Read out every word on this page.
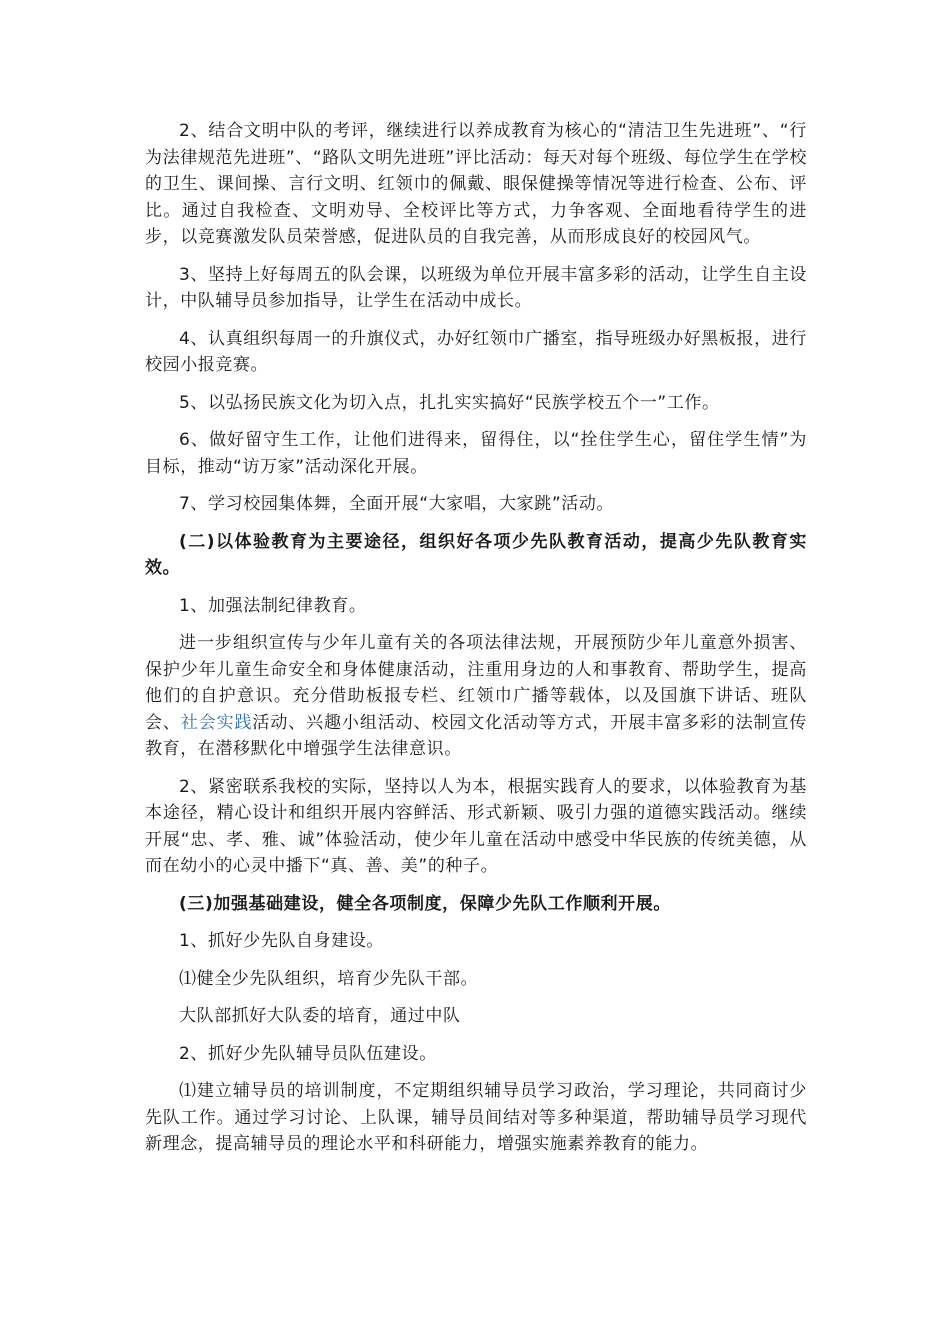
2、结合文明中队的考评，继续进行以养成教育为核心的“清洁卫生先进班”、“行为法律规范先进班”、“路队文明先进班”评比活动：每天对每个班级、每位学生在学校的卫生、课间操、言行文明、红领巾的佩戴、眼保健操等情况等进行检查、公布、评比。通过自我检查、文明劝导、全校评比等方式，力争客观、全面地看待学生的进步，以竞赛激发队员荣誉感，促进队员的自我完善，从而形成良好的校园风气。

3、坚持上好每周五的队会课，以班级为单位开展丰富多彩的活动，让学生自主设计，中队辅导员参加指导，让学生在活动中成长。

4、认真组织每周一的升旗仪式，办好红领巾广播室，指导班级办好黑板报，进行校园小报竞赛。

5、以弘扬民族文化为切入点，扎扎实实搞好“民族学校五个一”工作。

6、做好留守生工作，让他们进得来，留得住，以“拴住学生心，留住学生情”为目标，推动“访万家”活动深化开展。

7、学习校园集体舞，全面开展“大家唱，大家跳”活动。

(二)以体验教育为主要途径，组织好各项少先队教育活动，提高少先队教育实效。

1、加强法制纪律教育。

进一步组织宣传与少年儿童有关的各项法律法规，开展预防少年儿童意外损害、保护少年儿童生命安全和身体健康活动，注重用身边的人和事教育、帮助学生，提高他们的自护意识。充分借助板报专栏、红领巾广播等载体，以及国旗下讲话、班队会、社会实践活动、兴趣小组活动、校园文化活动等方式，开展丰富多彩的法制宣传教育，在潜移默化中增强学生法律意识。

2、紧密联系我校的实际，坚持以人为本，根据实践育人的要求，以体验教育为基本途径，精心设计和组织开展内容鲜活、形式新颖、吸引力强的道德实践活动。继续开展“忠、孝、雅、诚”体验活动，使少年儿童在活动中感受中华民族的传统美德，从而在幼小的心灵中播下“真、善、美”的种子。

(三)加强基础建设，健全各项制度，保障少先队工作顺利开展。

1、抓好少先队自身建设。

⑴健全少先队组织，培育少先队干部。

大队部抓好大队委的培育，通过中队

2、抓好少先队辅导员队伍建设。

⑴建立辅导员的培训制度，不定期组织辅导员学习政治，学习理论，共同商讨少先队工作。通过学习讨论、上队课，辅导员间结对等多种渠道，帮助辅导员学习现代新理念，提高辅导员的理论水平和科研能力，增强实施素养教育的能力。
